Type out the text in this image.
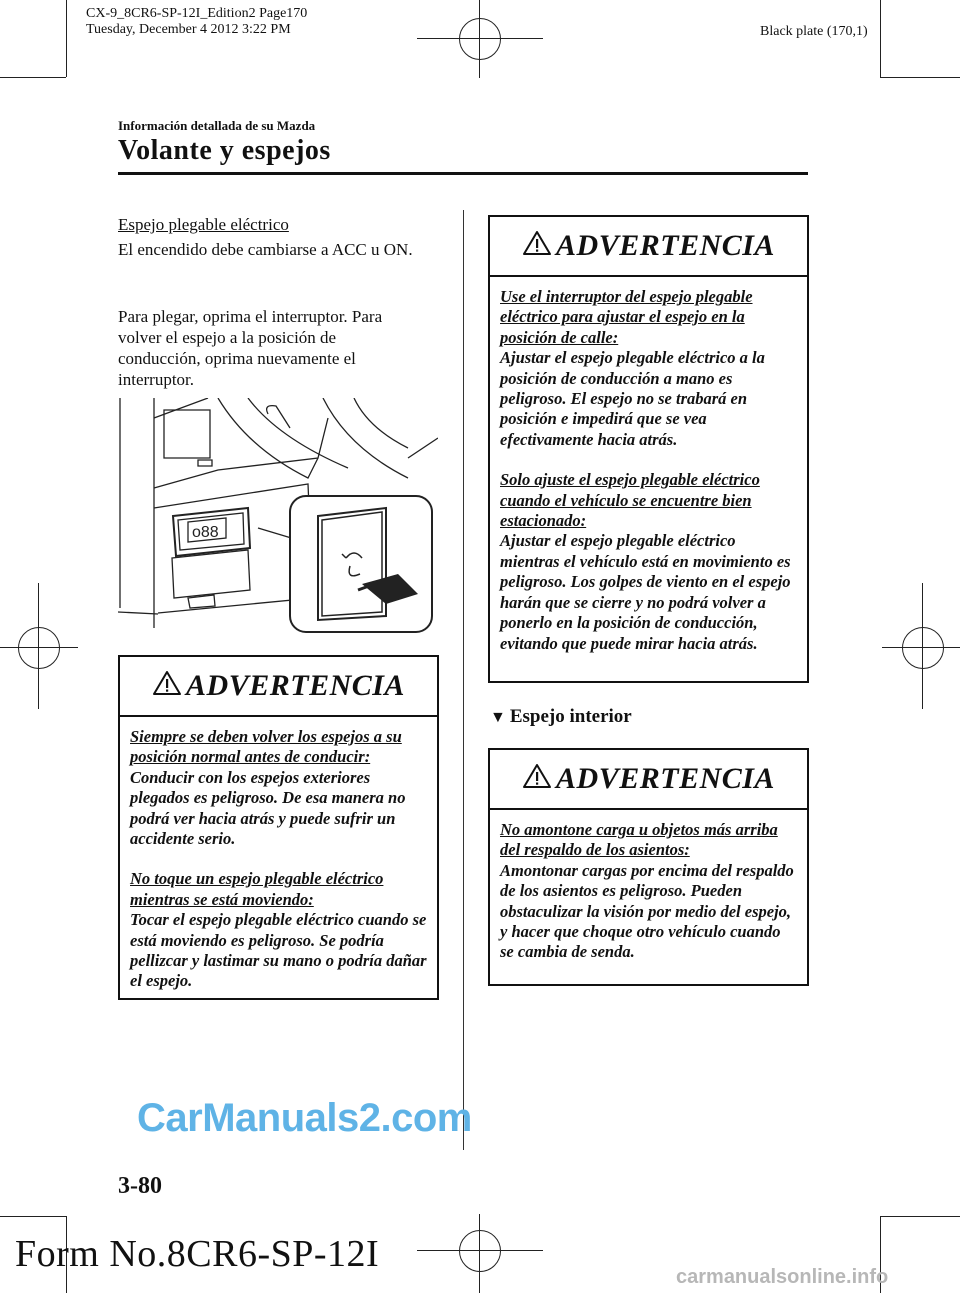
CX-9_8CR6-SP-12I_Edition2 Page170
Tuesday, December 4 2012 3:22 PM	Black plate (170,1)
Información detallada de su Mazda
Volante y espejos
Espejo plegable eléctrico
El encendido debe cambiarse a ACC u ON.
Para plegar, oprima el interruptor. Para volver el espejo a la posición de conducción, oprima nuevamente el interruptor.
o88
ADVERTENCIA
Siempre se deben volver los espejos a su posición normal antes de conducir:
Conducir con los espejos exteriores plegados es peligroso. De esa manera no podrá ver hacia atrás y puede sufrir un accidente serio.
No toque un espejo plegable eléctrico mientras se está moviendo:
Tocar el espejo plegable eléctrico cuando se está moviendo es peligroso. Se podría pellizcar y lastimar su mano o podría dañar el espejo.
ADVERTENCIA
Use el interruptor del espejo plegable eléctrico para ajustar el espejo en la posición de calle:
Ajustar el espejo plegable eléctrico a la posición de conducción a mano es peligroso. El espejo no se trabará en posición e impedirá que se vea efectivamente hacia atrás.
Solo ajuste el espejo plegable eléctrico cuando el vehículo se encuentre bien estacionado:
Ajustar el espejo plegable eléctrico mientras el vehículo está en movimiento es peligroso. Los golpes de viento en el espejo harán que se cierre y no podrá volver a ponerlo en la posición de conducción, evitando que puede mirar hacia atrás.
▼ Espejo interior
ADVERTENCIA
No amontone carga u objetos más arriba del respaldo de los asientos:
Amontonar cargas por encima del respaldo de los asientos es peligroso. Pueden obstaculizar la visión por medio del espejo, y hacer que choque otro vehículo cuando se cambia de senda.
CarManuals2.com
3-80
Form No.8CR6-SP-12I
carmanualsonline.info
